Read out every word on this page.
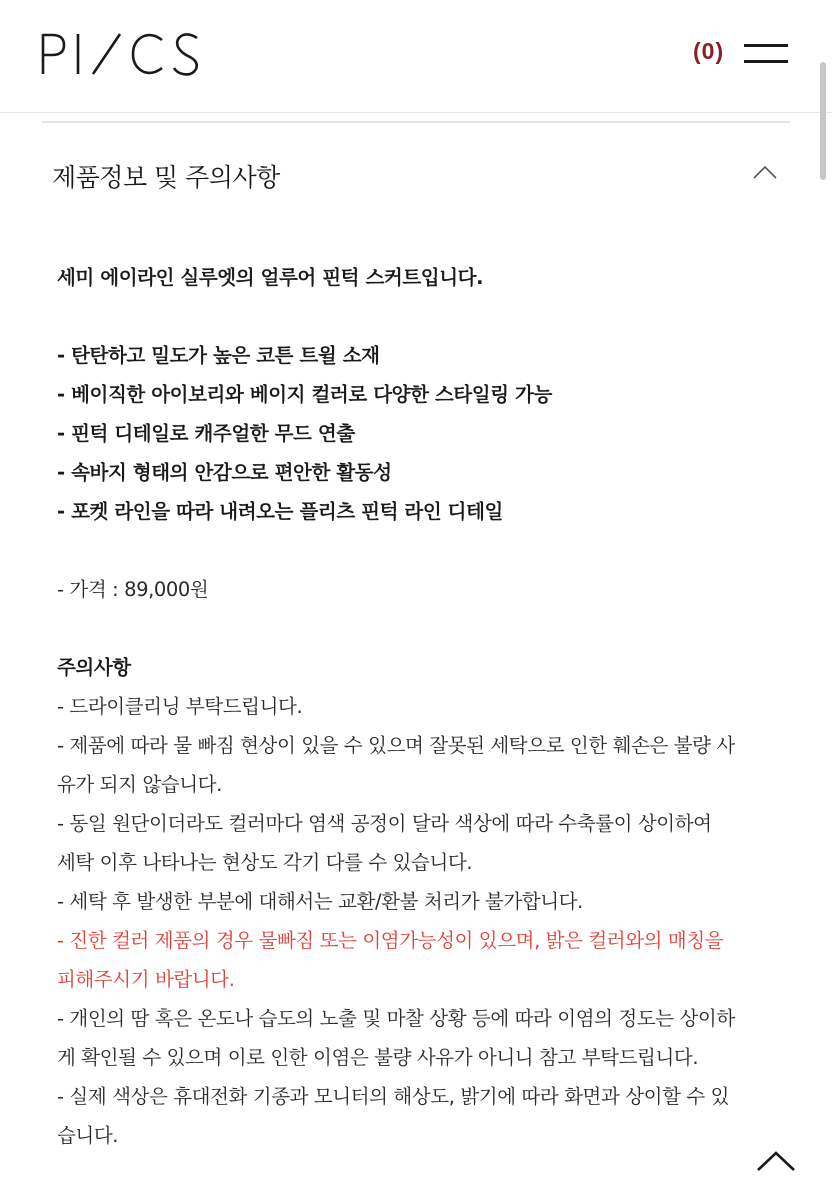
(0)
제품정보 및 주의사항

세미 에이라인 실루엣의 얼루어 핀턱 스커트입니다.

- 탄탄하고 밀도가 높은 코튼 트윌 소재

- 베이직한 아이보리와 베이지 컬러로 다양한 스타일링 가능

- 핀턱 디테일로 캐주얼한 무드 연출

- 속바지 형태의 안감으로 편안한 활동성

- 포켓 라인을 따라 내려오는 플리츠 핀턱 라인 디테일

- 가격 : 89,000원

주의사항

- 드라이클리닝 부탁드립니다.

- 제품에 따라 물 빠짐 현상이 있을 수 있으며 잘못된 세탁으로 인한 훼손은 불량 사

유가 되지 않습니다.

- 동일 원단이더라도 컬러마다 염색 공정이 달라 색상에 따라 수축률이 상이하여

세탁 이후 나타나는 현상도 각기 다를 수 있습니다.

- 세탁 후 발생한 부분에 대해서는 교환/환불 처리가 불가합니다.

- 진한 컬러 제품의 경우 물빠짐 또는 이염가능성이 있으며, 밝은 컬러와의 매칭을

피해주시기 바랍니다.

- 개인의 땀 혹은 온도나 습도의 노출 및 마찰 상황 등에 따라 이염의 정도는 상이하

게 확인될 수 있으며 이로 인한 이염은 불량 사유가 아니니 참고 부탁드립니다.

- 실제 색상은 휴대전화 기종과 모니터의 해상도, 밝기에 따라 화면과 상이할 수 있

습니다.
